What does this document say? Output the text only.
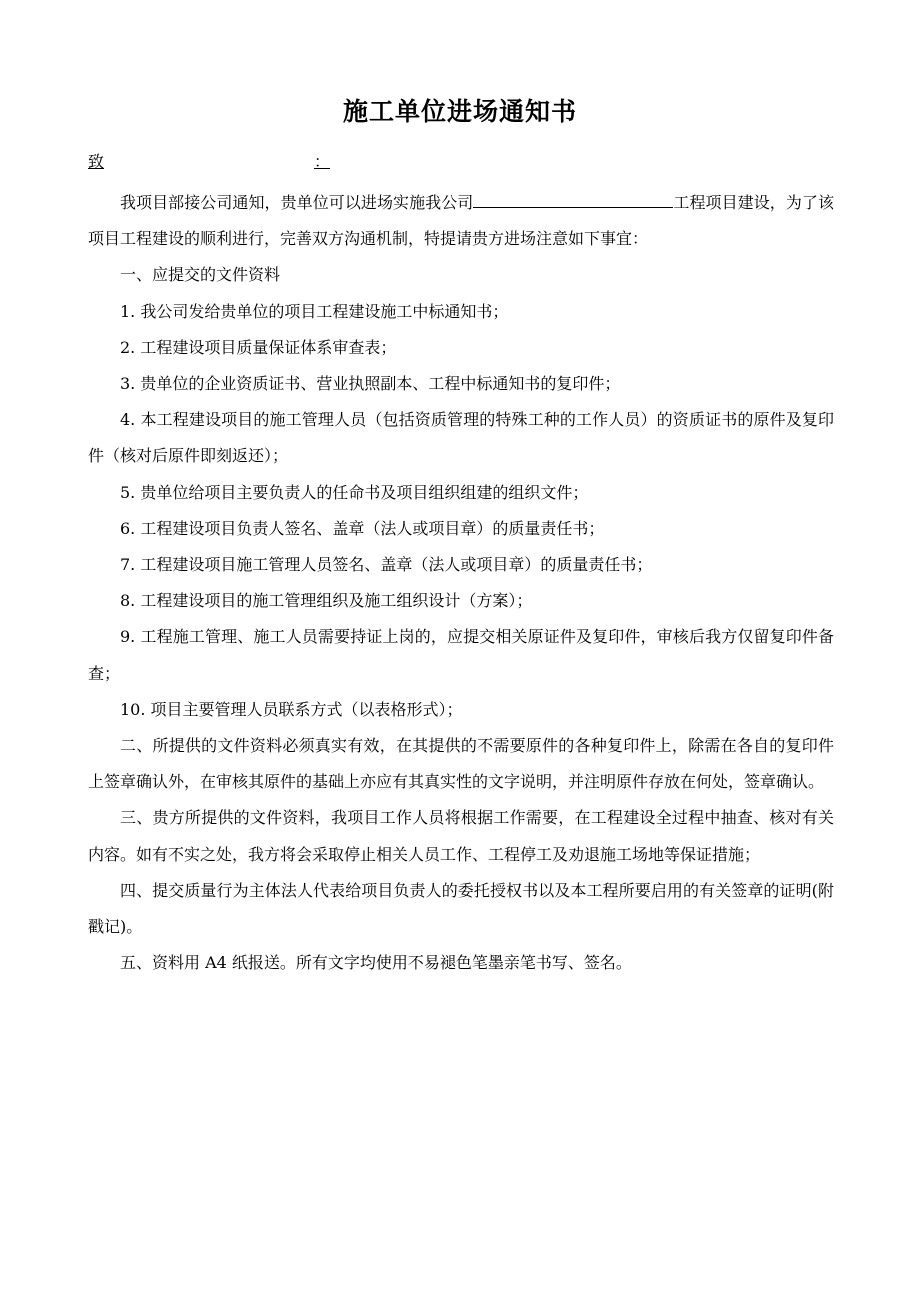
施工单位进场通知书
致	：

我项目部接公司通知，贵单位可以进场实施我公司	工程项目建设，为了该项目工程建设的顺利进行，完善双方沟通机制，特提请贵方进场注意如下事宜：

一、应提交的文件资料

1. 我公司发给贵单位的项目工程建设施工中标通知书；

2. 工程建设项目质量保证体系审查表；

3. 贵单位的企业资质证书、营业执照副本、工程中标通知书的复印件；

4. 本工程建设项目的施工管理人员（包括资质管理的特殊工种的工作人员）的资质证书的原件及复印件（核对后原件即刻返还）；

5. 贵单位给项目主要负责人的任命书及项目组织组建的组织文件；

6. 工程建设项目负责人签名、盖章（法人或项目章）的质量责任书；

7. 工程建设项目施工管理人员签名、盖章（法人或项目章）的质量责任书；

8. 工程建设项目的施工管理组织及施工组织设计（方案）；

9. 工程施工管理、施工人员需要持证上岗的，应提交相关原证件及复印件，审核后我方仅留复印件备查；

10. 项目主要管理人员联系方式（以表格形式）；

二、所提供的文件资料必须真实有效，在其提供的不需要原件的各种复印件上，除需在各自的复印件上签章确认外，在审核其原件的基础上亦应有其真实性的文字说明，并注明原件存放在何处，签章确认。

三、贵方所提供的文件资料，我项目工作人员将根据工作需要，在工程建设全过程中抽查、核对有关内容。如有不实之处，我方将会采取停止相关人员工作、工程停工及劝退施工场地等保证措施；

四、提交质量行为主体法人代表给项目负责人的委托授权书以及本工程所要启用的有关签章的证明(附戳记)。

五、资料用 A4 纸报送。所有文字均使用不易褪色笔墨亲笔书写、签名。
